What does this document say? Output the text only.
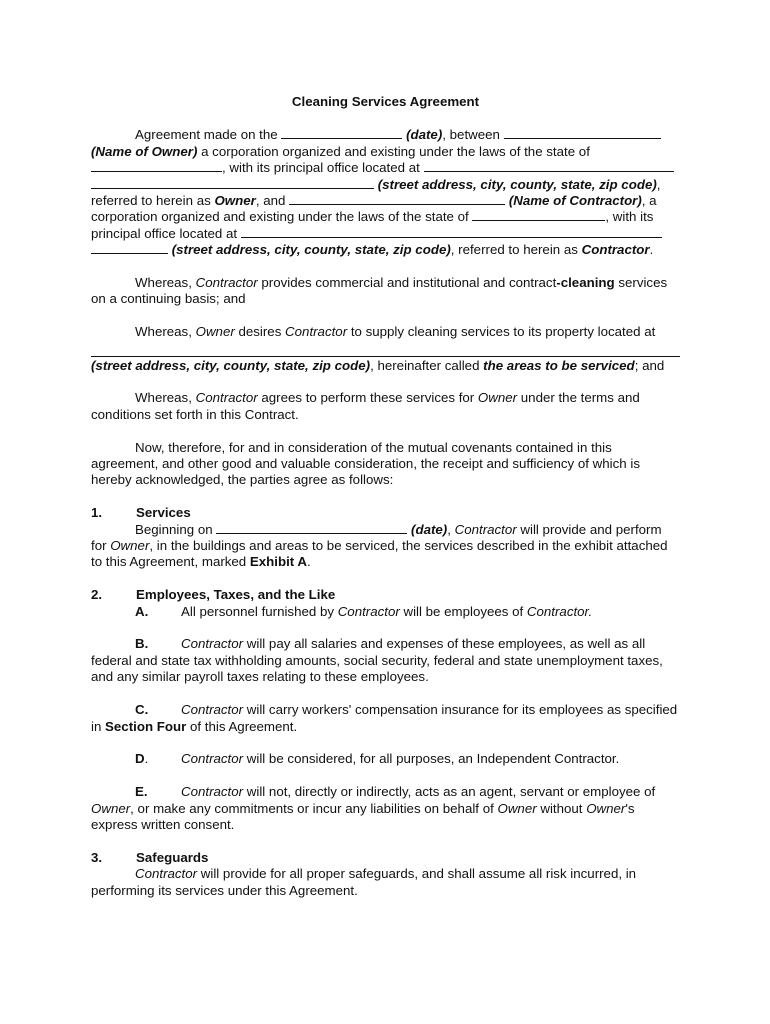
Cleaning Services Agreement

Agreement made on the	(date), between  (Name of Owner) a corporation organized and existing under the laws of the state of , with its principal office located at   (street address, city, county, state, zip code), referred to herein as Owner, and	(Name of Contractor), a corporation organized and existing under the laws of the state of	, with its principal office located at   (street address, city, county, state, zip code), referred to herein as Contractor.

Whereas, Contractor provides commercial and institutional and contract-cleaning services on a continuing basis; and

Whereas, Owner desires Contractor to supply cleaning services to its property located at

(street address, city, county, state, zip code), hereinafter called the areas to be serviced; and

Whereas, Contractor agrees to perform these services for Owner under the terms and conditions set forth in this Contract.

Now, therefore, for and in consideration of the mutual covenants contained in this agreement, and other good and valuable consideration, the receipt and sufficiency of which is hereby acknowledged, the parties agree as follows:

1.	Services

Beginning on	(date), Contractor will provide and perform for Owner, in the buildings and areas to be serviced, the services described in the exhibit attached to this Agreement, marked Exhibit A.

2.	Employees, Taxes, and the Like

A. All personnel furnished by Contractor will be employees of Contractor.

B. Contractor will pay all salaries and expenses of these employees, as well as all federal and state tax withholding amounts, social security, federal and state unemployment taxes, and any similar payroll taxes relating to these employees.

C. Contractor will carry workers' compensation insurance for its employees as specified in Section Four of this Agreement.

D. Contractor will be considered, for all purposes, an Independent Contractor.

E.	Contractor will not, directly or indirectly, acts as an agent, servant or employee of Owner, or make any commitments or incur any liabilities on behalf of Owner without Owner's express written consent.

3.	Safeguards

Contractor will provide for all proper safeguards, and shall assume all risk incurred, in performing its services under this Agreement.
